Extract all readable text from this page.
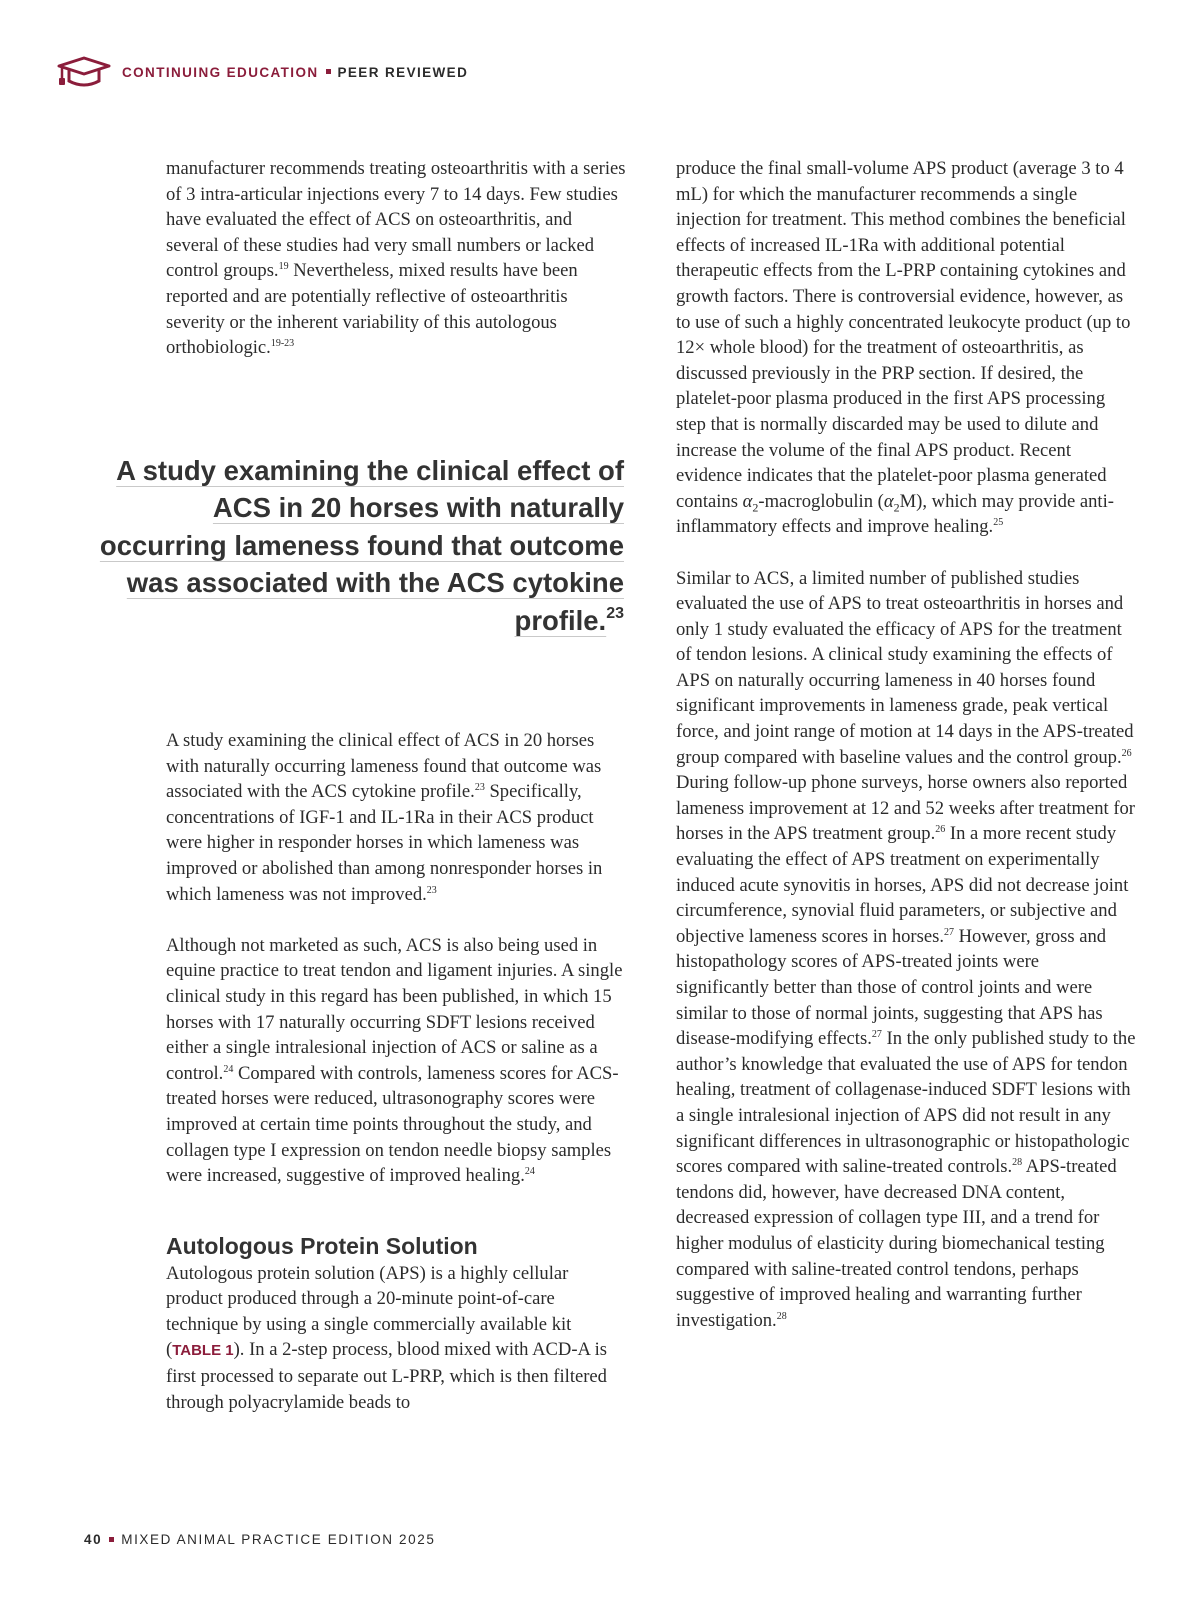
CONTINUING EDUCATION PEER REVIEWED

manufacturer recommends treating osteoarthritis with a series of 3 intra-articular injections every 7 to 14 days. Few studies have evaluated the effect of ACS on osteoarthritis, and several of these studies had very small numbers or lacked control groups.$^{19}$ Nevertheless, mixed results have been reported and are potentially reflective of osteoarthritis severity or the inherent variability of this autologous orthobiologic.$^{19-23}$

A study examining the clinical effect of ACS in 20 horses with naturally occurring lameness found that outcome was associated with the ACS cytokine profile.$^{23}$

A study examining the clinical effect of ACS in 20 horses with naturally occurring lameness found that outcome was associated with the ACS cytokine profile.$^{23}$ Specifically, concentrations of IGF-1 and IL-1Ra in their ACS product were higher in responder horses in which lameness was improved or abolished than among nonresponder horses in which lameness was not improved.$^{23}$

Although not marketed as such, ACS is also being used in equine practice to treat tendon and ligament injuries. A single clinical study in this regard has been published, in which 15 horses with 17 naturally occurring SDFT lesions received either a single intralesional injection of ACS or saline as a control.$^{24}$ Compared with controls, lameness scores for ACS-treated horses were reduced, ultrasonography scores were improved at certain time points throughout the study, and collagen type I expression on tendon needle biopsy samples were increased, suggestive of improved healing.$^{24}$

Autologous Protein Solution

Autologous protein solution (APS) is a highly cellular product produced through a 20-minute point-of-care technique by using a single commercially available kit (TABLE 1). In a 2-step process, blood mixed with ACD-A is first processed to separate out L-PRP, which is then filtered through polyacrylamide beads to

produce the final small-volume APS product (average 3 to 4 mL) for which the manufacturer recommends a single injection for treatment. This method combines the beneficial effects of increased IL-1Ra with additional potential therapeutic effects from the L-PRP containing cytokines and growth factors. There is controversial evidence, however, as to use of such a highly concentrated leukocyte product (up to 12× whole blood) for the treatment of osteoarthritis, as discussed previously in the PRP section. If desired, the platelet-poor plasma produced in the first APS processing step that is normally discarded may be used to dilute and increase the volume of the final APS product. Recent evidence indicates that the platelet-poor plasma generated contains $\alpha_2$-macroglobulin $(\alpha_2M)$, which may provide anti-inflammatory effects and improve healing.$^{25}$

Similar to ACS, a limited number of published studies evaluated the use of APS to treat osteoarthritis in horses and only 1 study evaluated the efficacy of APS for the treatment of tendon lesions. A clinical study examining the effects of APS on naturally occurring lameness in 40 horses found significant improvements in lameness grade, peak vertical force, and joint range of motion at 14 days in the APS-treated group compared with baseline values and the control group.$^{26}$ During follow-up phone surveys, horse owners also reported lameness improvement at 12 and 52 weeks after treatment for horses in the APS treatment group.$^{26}$ In a more recent study evaluating the effect of APS treatment on experimentally induced acute synovitis in horses, APS did not decrease joint circumference, synovial fluid parameters, or subjective and objective lameness scores in horses.$^{27}$ However, gross and histopathology scores of APS-treated joints were significantly better than those of control joints and were similar to those of normal joints, suggesting that APS has disease-modifying effects.$^{27}$ In the only published study to the author’s knowledge that evaluated the use of APS for tendon healing, treatment of collagenase-induced SDFT lesions with a single intralesional injection of APS did not result in any significant differences in ultrasonographic or histopathologic scores compared with saline-treated controls.$^{28}$ APS-treated tendons did, however, have decreased DNA content, decreased expression of collagen type III, and a trend for higher modulus of elasticity during biomechanical testing compared with saline-treated control tendons, perhaps suggestive of improved healing and warranting further investigation.$^{28}$

40 MIXED ANIMAL PRACTICE EDITION 2025
